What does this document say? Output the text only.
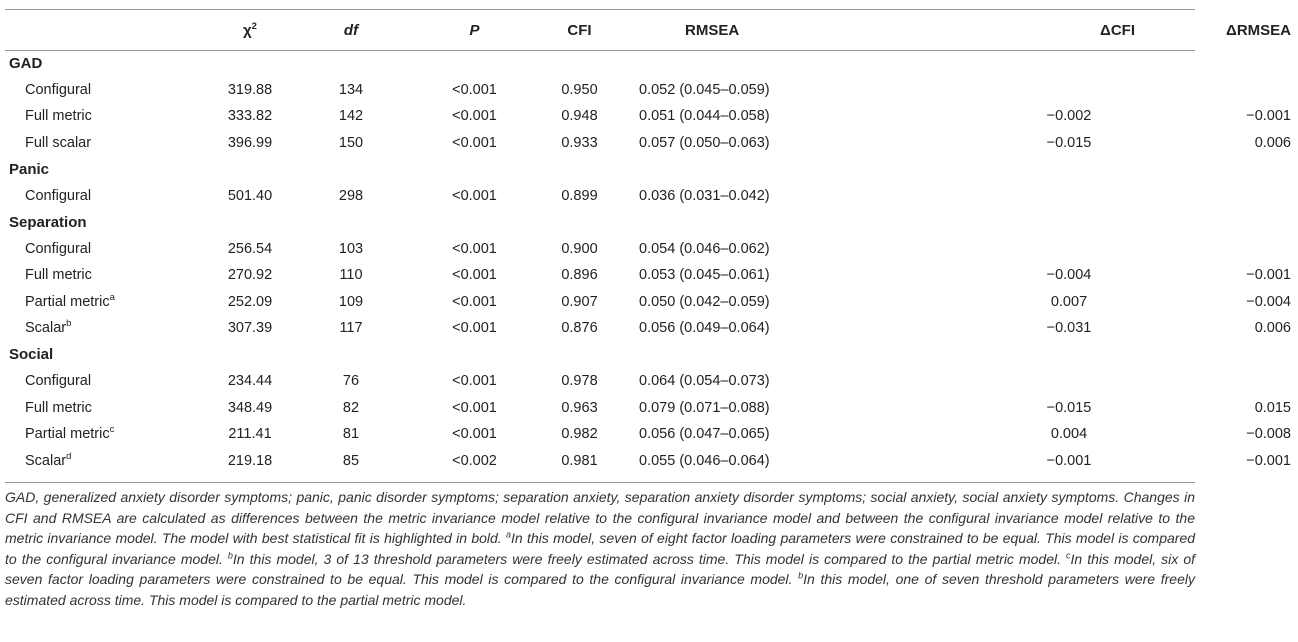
	$\chi^2$	df	P	CFI	RMSEA	ΔCFI	ΔRMSEA
GAD							
Configural	319.88	134	<0.001	0.950	0.052 (0.045–0.059)		
Full metric	333.82	142	<0.001	0.948	0.051 (0.044–0.058)	−0.002	−0.001
Full scalar	396.99	150	<0.001	0.933	0.057 (0.050–0.063)	−0.015	0.006
Panic							
Configural	501.40	298	<0.001	0.899	0.036 (0.031–0.042)		
Separation							
Configural	256.54	103	<0.001	0.900	0.054 (0.046–0.062)		
Full metric	270.92	110	<0.001	0.896	0.053 (0.045–0.061)	−0.004	−0.001
Partial metric$^a$	252.09	109	<0.001	0.907	0.050 (0.042–0.059)	0.007	−0.004
Scalar$^b$	307.39	117	<0.001	0.876	0.056 (0.049–0.064)	−0.031	0.006
Social							
Configural	234.44	76	<0.001	0.978	0.064 (0.054–0.073)		
Full metric	348.49	82	<0.001	0.963	0.079 (0.071–0.088)	−0.015	0.015
Partial metric$^c$	211.41	81	<0.001	0.982	0.056 (0.047–0.065)	0.004	−0.008
Scalar$^d$	219.18	85	<0.002	0.981	0.055 (0.046–0.064)	−0.001	−0.001
GAD, generalized anxiety disorder symptoms; panic, panic disorder symptoms; separation anxiety, separation anxiety disorder symptoms; social anxiety, social anxiety symptoms. Changes in CFI and RMSEA are calculated as differences between the metric invariance model relative to the configural invariance model and between the configural invariance model relative to the metric invariance model. The model with best statistical fit is highlighted in bold. $^a$In this model, seven of eight factor loading parameters were constrained to be equal. This model is compared to the configural invariance model. $^b$In this model, 3 of 13 threshold parameters were freely estimated across time. This model is compared to the partial metric model. $^c$In this model, six of seven factor loading parameters were constrained to be equal. This model is compared to the configural invariance model. $^b$In this model, one of seven threshold parameters were freely estimated across time. This model is compared to the partial metric model.
